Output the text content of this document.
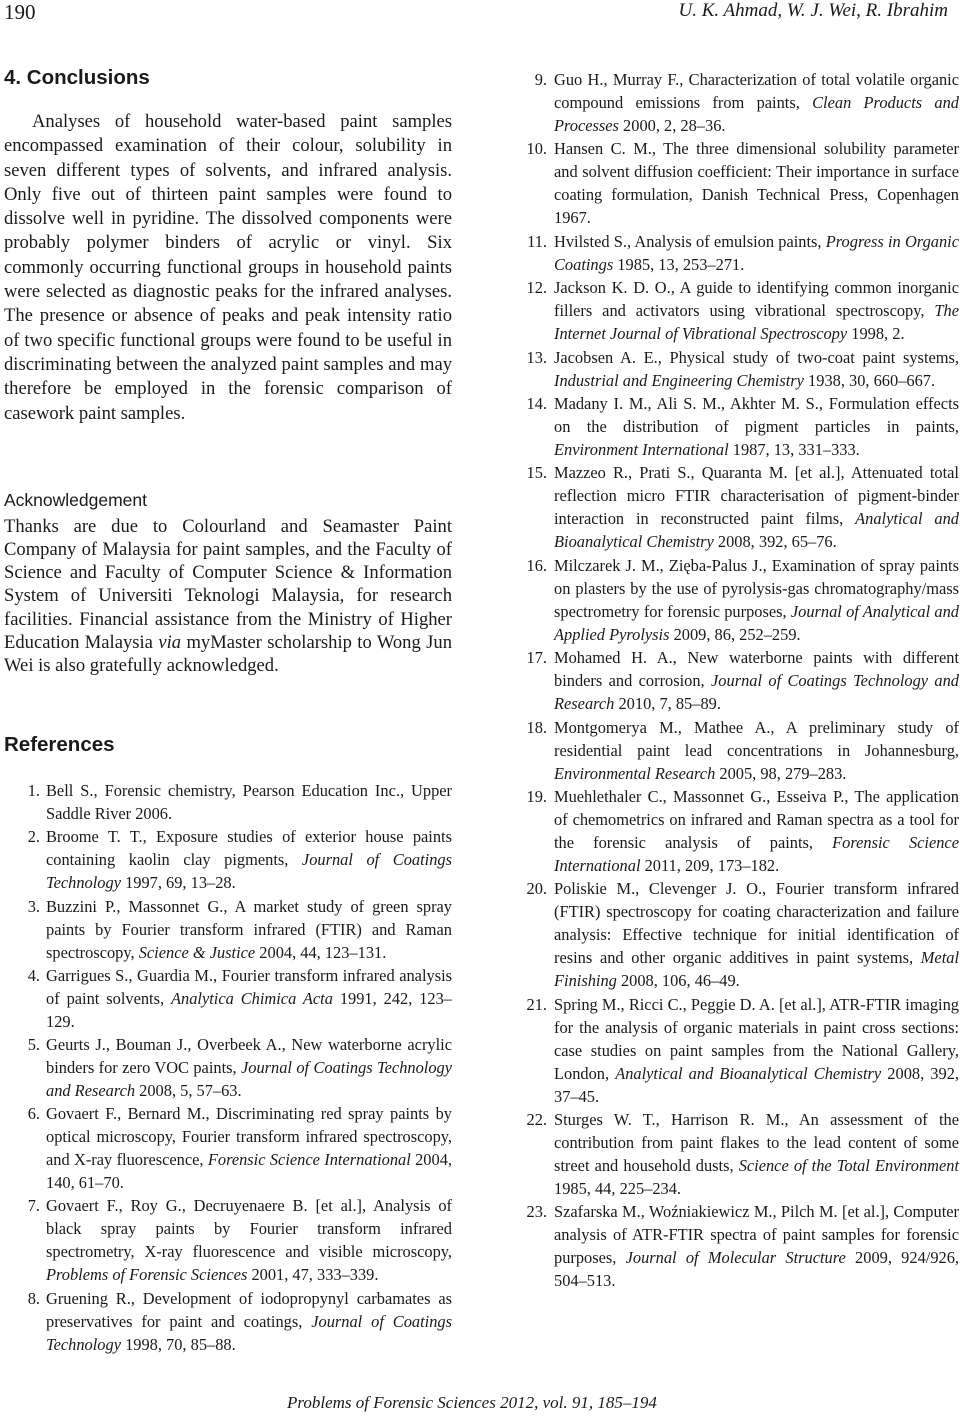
190	U. K. Ahmad, W. J. Wei, R. Ibrahim
4. Conclusions

Analyses of household water-based paint samples encompassed examination of their colour, solubility in seven different types of solvents, and infrared analysis. Only five out of thirteen paint samples were found to dissolve well in pyridine. The dissolved components were probably polymer binders of acrylic or vinyl. Six commonly occurring functional groups in household paints were selected as diagnostic peaks for the infrared analyses. The presence or absence of peaks and peak intensity ratio of two specific functional groups were found to be useful in discriminating between the analyzed paint samples and may therefore be employed in the forensic comparison of casework paint samples.

Acknowledgement

Thanks are due to Colourland and Seamaster Paint Company of Malaysia for paint samples, and the Faculty of Science and Faculty of Computer Science & Information System of Universiti Teknologi Malaysia, for research facilities. Financial assistance from the Ministry of Higher Education Malaysia via myMaster scholarship to Wong Jun Wei is also gratefully acknowledged.

References
1. Bell S., Forensic chemistry, Pearson Education Inc., Upper Saddle River 2006.
2. Broome T. T., Exposure studies of exterior house paints containing kaolin clay pigments, Journal of Coatings Technology 1997, 69, 13–28.
3. Buzzini P., Massonnet G., A market study of green spray paints by Fourier transform infrared (FTIR) and Raman spectroscopy, Science & Justice 2004, 44, 123–131.
4. Garrigues S., Guardia M., Fourier transform infrared analysis of paint solvents, Analytica Chimica Acta 1991, 242, 123–129.
5. Geurts J., Bouman J., Overbeek A., New waterborne acrylic binders for zero VOC paints, Journal of Coatings Technology and Research 2008, 5, 57–63.
6. Govaert F., Bernard M., Discriminating red spray paints by optical microscopy, Fourier transform infrared spectroscopy, and X-ray fluorescence, Forensic Science International 2004, 140, 61–70.
7. Govaert F., Roy G., Decruyenaere B. [et al.], Analysis of black spray paints by Fourier transform infrared spectrometry, X-ray fluorescence and visible microscopy, Problems of Forensic Sciences 2001, 47, 333–339.
8. Gruening R., Development of iodopropynyl carbamates as preservatives for paint and coatings, Journal of Coatings Technology 1998, 70, 85–88.
9. Guo H., Murray F., Characterization of total volatile organic compound emissions from paints, Clean Products and Processes 2000, 2, 28–36.
10. Hansen C. M., The three dimensional solubility parameter and solvent diffusion coefficient: Their importance in surface coating formulation, Danish Technical Press, Copenhagen 1967.
11. Hvilsted S., Analysis of emulsion paints, Progress in Organic Coatings 1985, 13, 253–271.
12. Jackson K. D. O., A guide to identifying common inorganic fillers and activators using vibrational spectroscopy, The Internet Journal of Vibrational Spectroscopy 1998, 2.
13. Jacobsen A. E., Physical study of two-coat paint systems, Industrial and Engineering Chemistry 1938, 30, 660–667.
14. Madany I. M., Ali S. M., Akhter M. S., Formulation effects on the distribution of pigment particles in paints, Environment International 1987, 13, 331–333.
15. Mazzeo R., Prati S., Quaranta M. [et al.], Attenuated total reflection micro FTIR characterisation of pigment-binder interaction in reconstructed paint films, Analytical and Bioanalytical Chemistry 2008, 392, 65–76.
16. Milczarek J. M., Zięba-Palus J., Examination of spray paints on plasters by the use of pyrolysis-gas chromatography/mass spectrometry for forensic purposes, Journal of Analytical and Applied Pyrolysis 2009, 86, 252–259.
17. Mohamed H. A., New waterborne paints with different binders and corrosion, Journal of Coatings Technology and Research 2010, 7, 85–89.
18. Montgomerya M., Mathee A., A preliminary study of residential paint lead concentrations in Johannesburg, Environmental Research 2005, 98, 279–283.
19. Muehlethaler C., Massonnet G., Esseiva P., The application of chemometrics on infrared and Raman spectra as a tool for the forensic analysis of paints, Forensic Science International 2011, 209, 173–182.
20. Poliskie M., Clevenger J. O., Fourier transform infrared (FTIR) spectroscopy for coating characterization and failure analysis: Effective technique for initial identification of resins and other organic additives in paint systems, Metal Finishing 2008, 106, 46–49.
21. Spring M., Ricci C., Peggie D. A. [et al.], ATR-FTIR imaging for the analysis of organic materials in paint cross sections: case studies on paint samples from the National Gallery, London, Analytical and Bioanalytical Chemistry 2008, 392, 37–45.
22. Sturges W. T., Harrison R. M., An assessment of the contribution from paint flakes to the lead content of some street and household dusts, Science of the Total Environment 1985, 44, 225–234.
23. Szafarska M., Woźniakiewicz M., Pilch M. [et al.], Computer analysis of ATR-FTIR spectra of paint samples for forensic purposes, Journal of Molecular Structure 2009, 924/926, 504–513.
Problems of Forensic Sciences 2012, vol. 91, 185–194
